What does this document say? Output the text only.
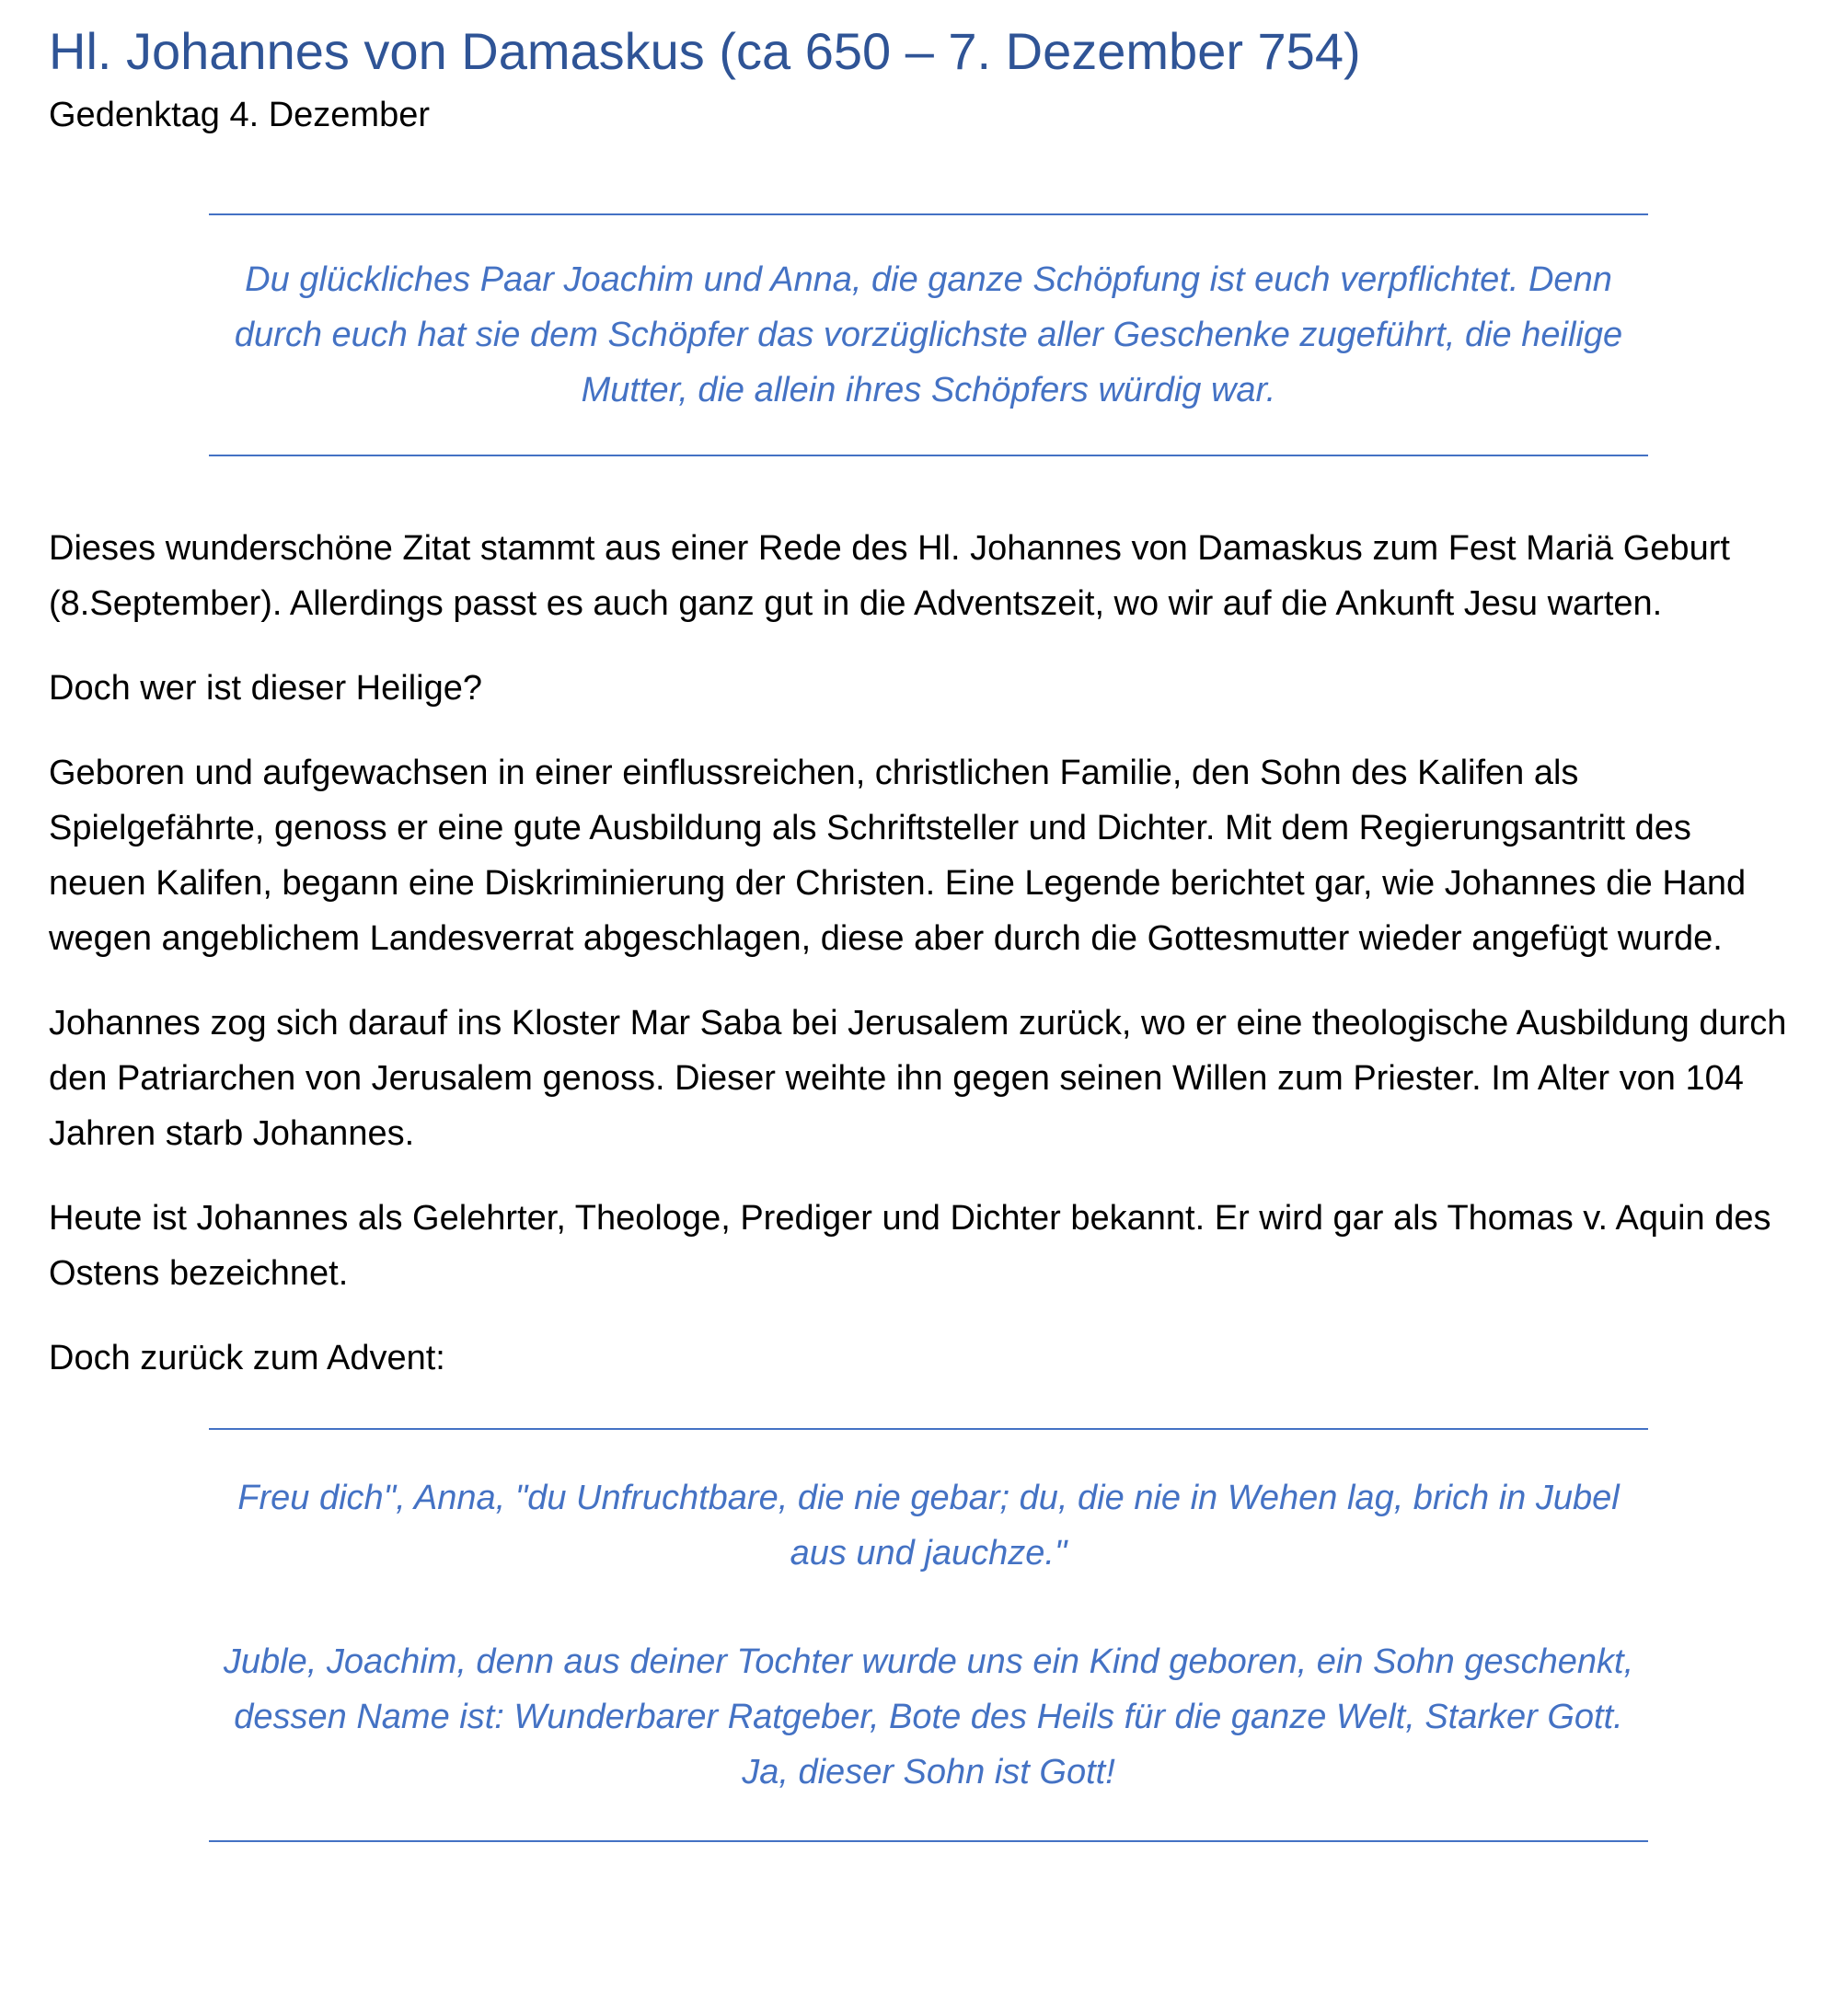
Hl. Johannes von Damaskus (ca 650 – 7. Dezember 754)
Gedenktag 4. Dezember

Du glückliches Paar Joachim und Anna, die ganze Schöpfung ist euch verpflichtet. Denn durch euch hat sie dem Schöpfer das vorzüglichste aller Geschenke zugeführt, die heilige Mutter, die allein ihres Schöpfers würdig war.

Dieses wunderschöne Zitat stammt aus einer Rede des Hl. Johannes von Damaskus zum Fest Mariä Geburt (8.September). Allerdings passt es auch ganz gut in die Adventszeit, wo wir auf die Ankunft Jesu warten.

Doch wer ist dieser Heilige?

Geboren und aufgewachsen in einer einflussreichen, christlichen Familie, den Sohn des Kalifen als Spielgefährte, genoss er eine gute Ausbildung als Schriftsteller und Dichter. Mit dem Regierungsantritt des neuen Kalifen, begann eine Diskriminierung der Christen. Eine Legende berichtet gar, wie Johannes die Hand wegen angeblichem Landesverrat abgeschlagen, diese aber durch die Gottesmutter wieder angefügt wurde.

Johannes zog sich darauf ins Kloster Mar Saba bei Jerusalem zurück, wo er eine theologische Ausbildung durch den Patriarchen von Jerusalem genoss. Dieser weihte ihn gegen seinen Willen zum Priester. Im Alter von 104 Jahren starb Johannes.

Heute ist Johannes als Gelehrter, Theologe, Prediger und Dichter bekannt. Er wird gar als Thomas v. Aquin des Ostens bezeichnet.

Doch zurück zum Advent:

Freu dich", Anna, "du Unfruchtbare, die nie gebar; du, die nie in Wehen lag, brich in Jubel aus und jauchze."

Juble, Joachim, denn aus deiner Tochter wurde uns ein Kind geboren, ein Sohn geschenkt, dessen Name ist: Wunderbarer Ratgeber, Bote des Heils für die ganze Welt, Starker Gott. Ja, dieser Sohn ist Gott!
